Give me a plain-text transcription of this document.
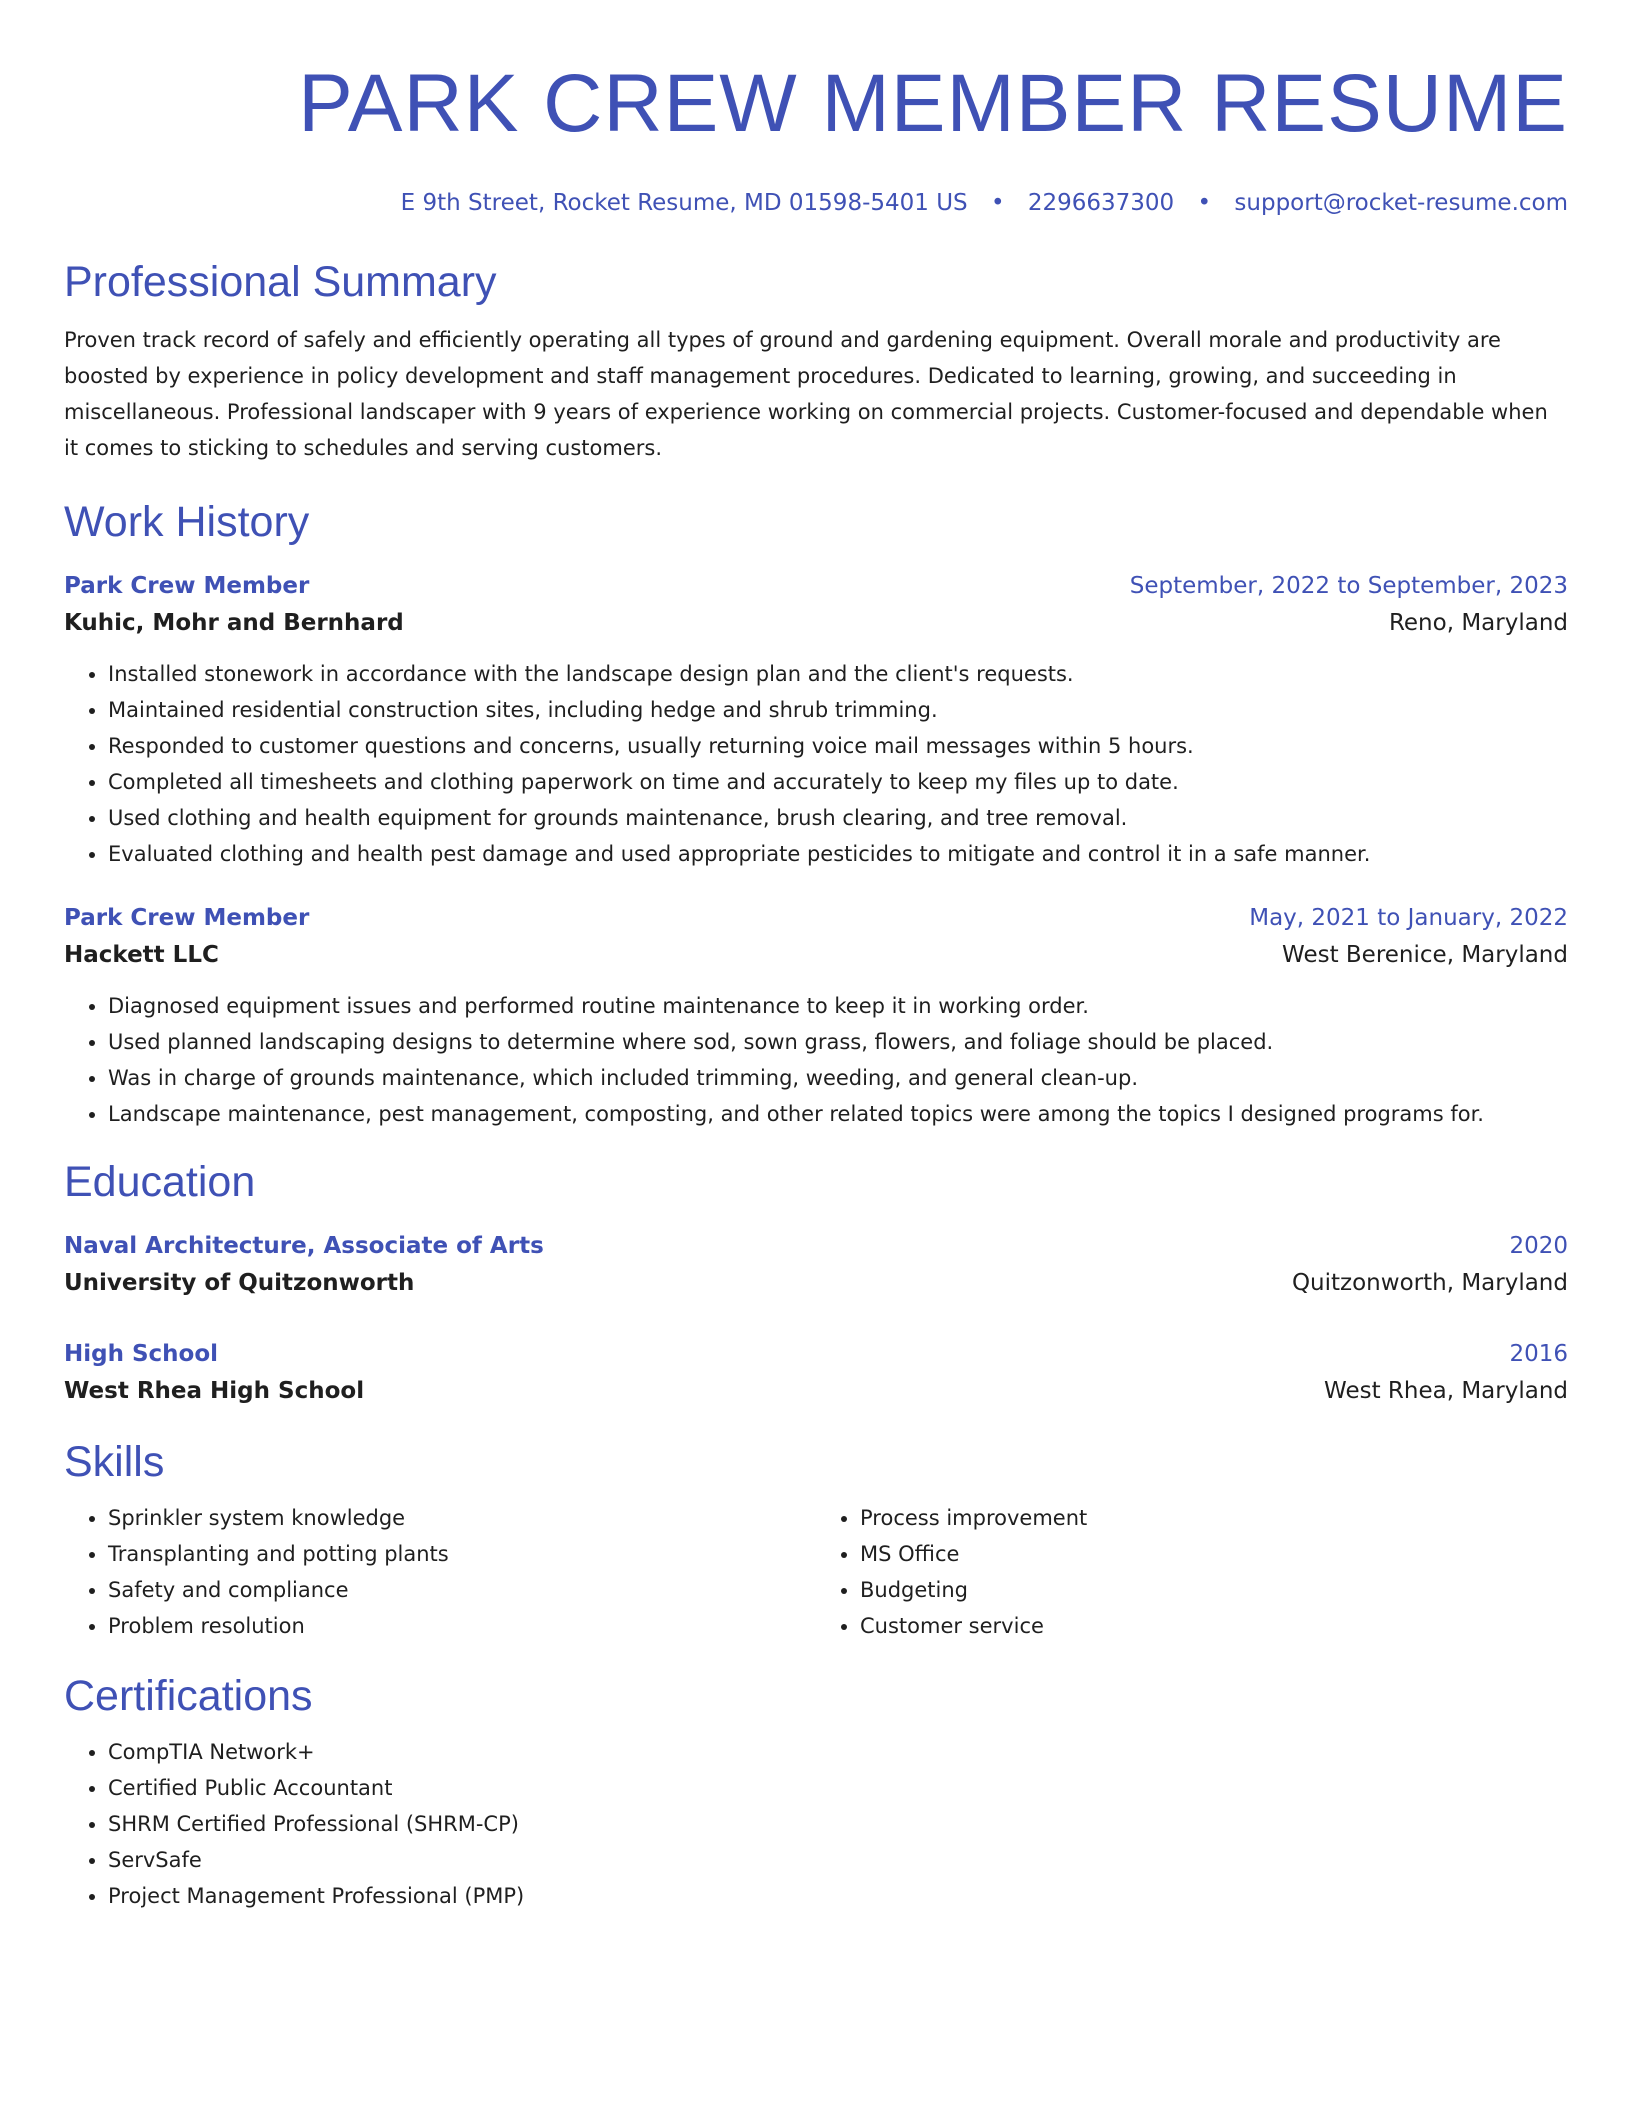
PARK CREW MEMBER RESUME
E 9th Street, Rocket Resume, MD 01598-5401 US • 2296637300 • support@rocket-resume.com
Professional Summary

Proven track record of safely and efficiently operating all types of ground and gardening equipment. Overall morale and productivity are boosted by experience in policy development and staff management procedures. Dedicated to learning, growing, and succeeding in miscellaneous. Professional landscaper with 9 years of experience working on commercial projects. Customer-focused and dependable when it comes to sticking to schedules and serving customers.

Work History
Park Crew Member	September, 2022 to September, 2023
Kuhic, Mohr and Bernhard	Reno, Maryland
• Installed stonework in accordance with the landscape design plan and the client's requests.
• Maintained residential construction sites, including hedge and shrub trimming.
• Responded to customer questions and concerns, usually returning voice mail messages within 5 hours.
• Completed all timesheets and clothing paperwork on time and accurately to keep my files up to date.
• Used clothing and health equipment for grounds maintenance, brush clearing, and tree removal.
• Evaluated clothing and health pest damage and used appropriate pesticides to mitigate and control it in a safe manner.
Park Crew Member	May, 2021 to January, 2022
Hackett LLC	West Berenice, Maryland
• Diagnosed equipment issues and performed routine maintenance to keep it in working order.
• Used planned landscaping designs to determine where sod, sown grass, flowers, and foliage should be placed.
• Was in charge of grounds maintenance, which included trimming, weeding, and general clean-up.
• Landscape maintenance, pest management, composting, and other related topics were among the topics I designed programs for.
Education
Naval Architecture, Associate of Arts	2020
University of Quitzonworth	Quitzonworth, Maryland
High School	2016
West Rhea High School	West Rhea, Maryland
Skills
• Sprinkler system knowledge
• Transplanting and potting plants
• Safety and compliance
• Problem resolution
• Process improvement
• MS Office
• Budgeting
• Customer service
Certifications
• CompTIA Network+
• Certified Public Accountant
• SHRM Certified Professional (SHRM-CP)
• ServSafe
• Project Management Professional (PMP)
